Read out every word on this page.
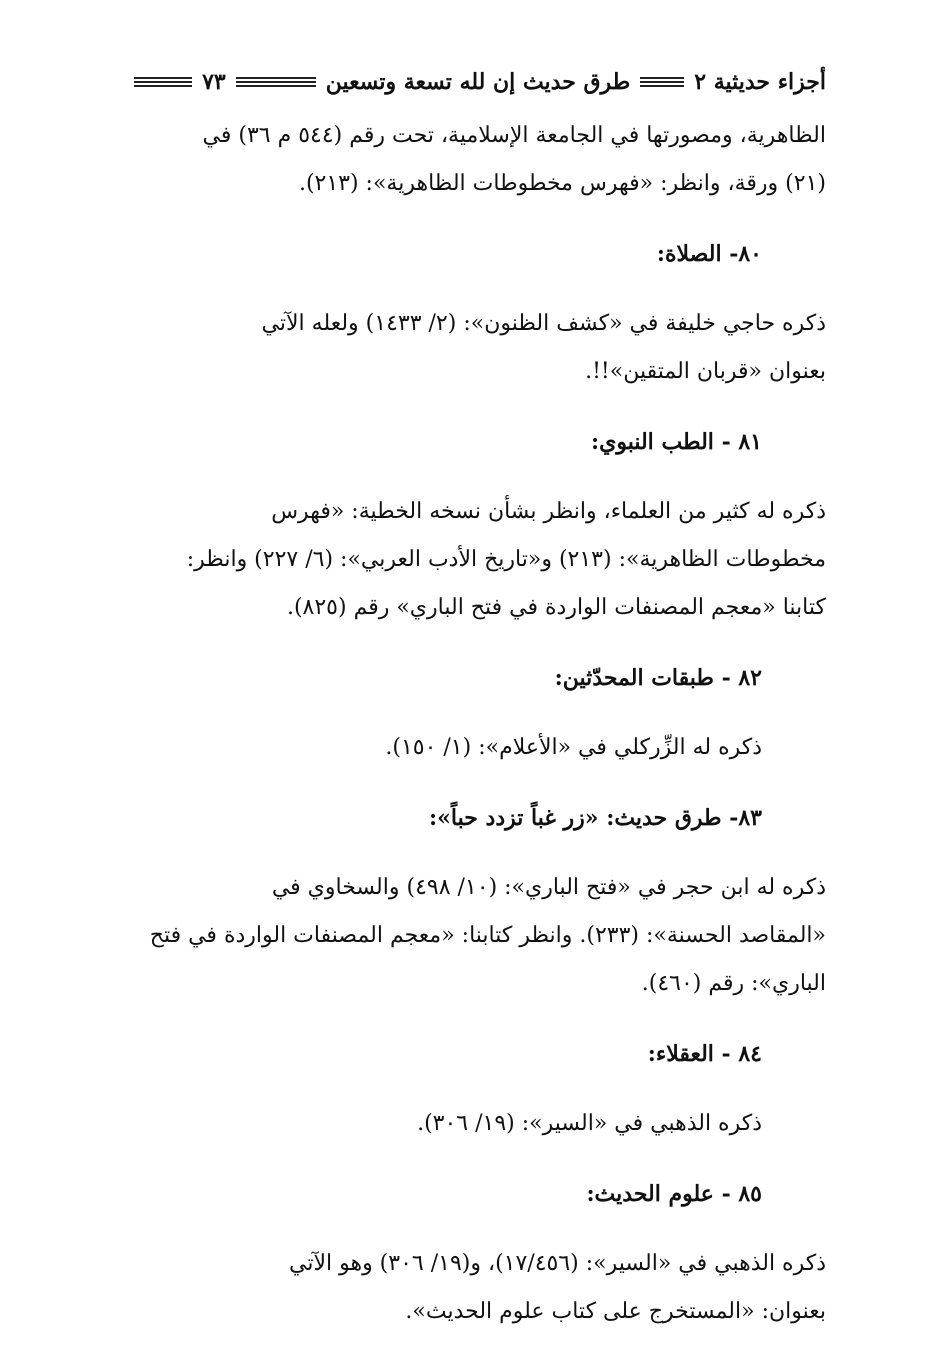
أجزاء حديثية ٢
طرق حديث إن لله تسعة وتسعين
٧٣
الظاهرية، ومصورتها في الجامعة الإسلامية، تحت رقم (٥٤٤ م ٣٦) في
(٢١) ورقة، وانظر: «فهرس مخطوطات الظاهرية»: (٢١٣).
٨٠- الصلاة:
ذكره حاجي خليفة في «كشف الظنون»: (٢/ ١٤٣٣) ولعله الآتي
بعنوان «قربان المتقين»!!.
٨١ - الطب النبوي:
ذكره له كثير من العلماء، وانظر بشأن نسخه الخطية: «فهرس
مخطوطات الظاهرية»: (٢١٣) و«تاريخ الأدب العربي»: (٦/ ٢٢٧) وانظر:
كتابنا «معجم المصنفات الواردة في فتح الباري» رقم (٨٢٥).
٨٢ - طبقات المحدّثين:
ذكره له الزِّركلي في «الأعلام»: (١/ ١٥٠).
٨٣- طرق حديث: «زر غباً تزدد حباً»:
ذكره له ابن حجر في «فتح الباري»: (١٠/ ٤٩٨) والسخاوي في
«المقاصد الحسنة»: (٢٣٣). وانظر كتابنا: «معجم المصنفات الواردة في فتح
الباري»: رقم (٤٦٠).
٨٤ - العقلاء:
ذكره الذهبي في «السير»: (١٩/ ٣٠٦).
٨٥ - علوم الحديث:
ذكره الذهبي في «السير»: (١٧/٤٥٦)، و(١٩/ ٣٠٦) وهو الآتي
بعنوان: «المستخرج على كتاب علوم الحديث».
